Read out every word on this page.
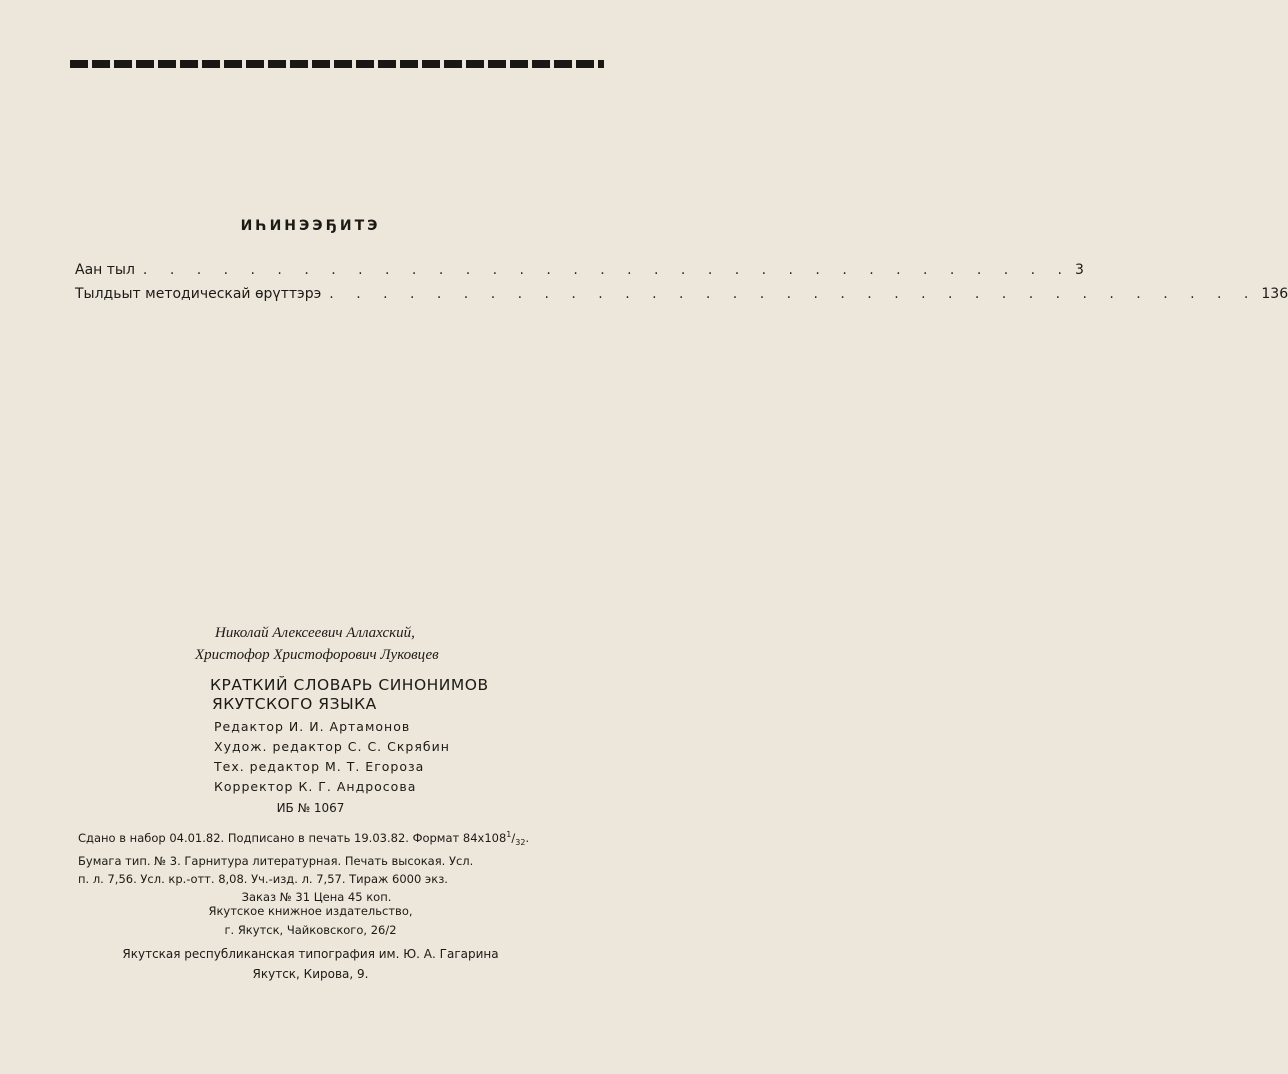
ИҺИНЭЭҔИТЭ
Аан тыл . . . . . . . . . . . . . . . . . . . . . . . . . . . . . . . . . . . 3
Тылдьыт методическай өрүттэрэ . . . . . . . . . . . . . . . . . . . . . . . . . . . . . . . . . . . 136
Николай Алексеевич Аллахский,
Христофор Христофорович Луковцев
КРАТКИЙ СЛОВАРЬ СИНОНИМОВ
ЯКУТСКОГО ЯЗЫКА
Редактор И. И. Артамонов
Худож. редактор С. С. Скрябин
Тех. редактор М. Т. Егороза
Корректор К. Г. Андросова
ИБ № 1067
Сдано в набор 04.01.82. Подписано в печать 19.03.82. Формат $84х108^1/_{32}$.
Бумага тип. № 3. Гарнитура литературная. Печать высокая. Усл.
п. л. 7,56. Усл. кр.-отт. 8,08. Уч.-изд. л. 7,57. Тираж 6000 экз.
Заказ № 31 Цена 45 коп.
Якутское книжное издательство,
г. Якутск, Чайковского, 26/2
Якутская республиканская типография им. Ю. А. Гагарина
Якутск, Кирова, 9.
